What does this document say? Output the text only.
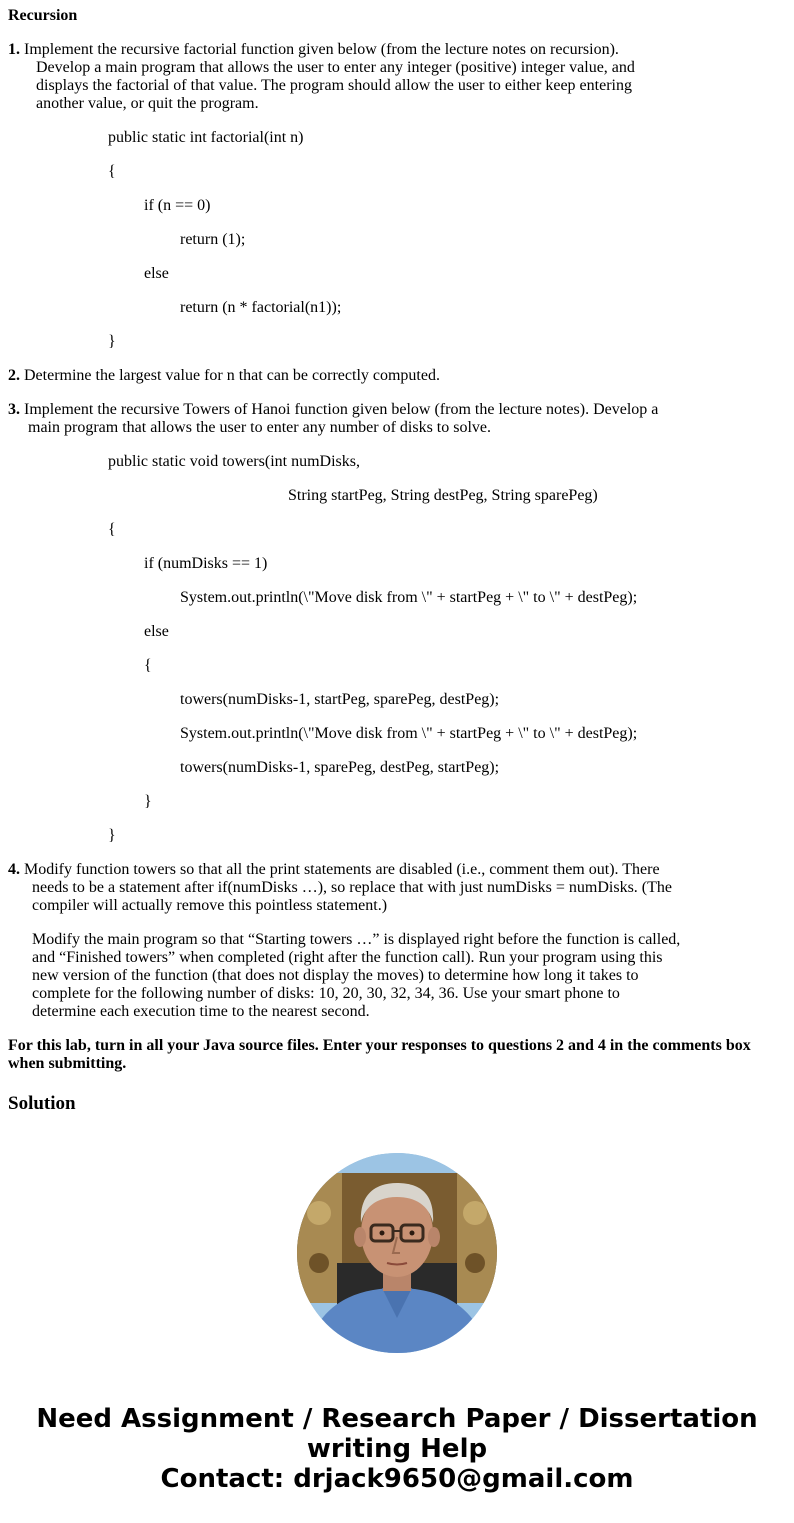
Recursion
1. Implement the recursive factorial function given below (from the lecture notes on recursion).
Develop a main program that allows the user to enter any integer (positive) integer value, and
displays the factorial of that value. The program should allow the user to either keep entering
another value, or quit the program.
public static int factorial(int n)
{
if (n == 0)
return (1);
else
return (n * factorial(n1));
}
2. Determine the largest value for n that can be correctly computed.
3. Implement the recursive Towers of Hanoi function given below (from the lecture notes). Develop a
main program that allows the user to enter any number of disks to solve.
public static void towers(int numDisks,
String startPeg, String destPeg, String sparePeg)
{
if (numDisks == 1)
System.out.println(\"Move disk from \" + startPeg + \" to \" + destPeg);
else
{
towers(numDisks-1, startPeg, sparePeg, destPeg);
System.out.println(\"Move disk from \" + startPeg + \" to \" + destPeg);
towers(numDisks-1, sparePeg, destPeg, startPeg);
}
}
4. Modify function towers so that all the print statements are disabled (i.e., comment them out). There
needs to be a statement after if(numDisks …), so replace that with just numDisks = numDisks. (The
compiler will actually remove this pointless statement.)
Modify the main program so that “Starting towers …” is displayed right before the function is called,
and “Finished towers” when completed (right after the function call). Run your program using this
new version of the function (that does not display the moves) to determine how long it takes to
complete for the following number of disks: 10, 20, 30, 32, 34, 36. Use your smart phone to
determine each execution time to the nearest second.
For this lab, turn in all your Java source files. Enter your responses to questions 2 and 4 in the comments box
when submitting.
Solution
Need Assignment / Research Paper / Dissertation
writing Help
Contact: drjack9650@gmail.com
